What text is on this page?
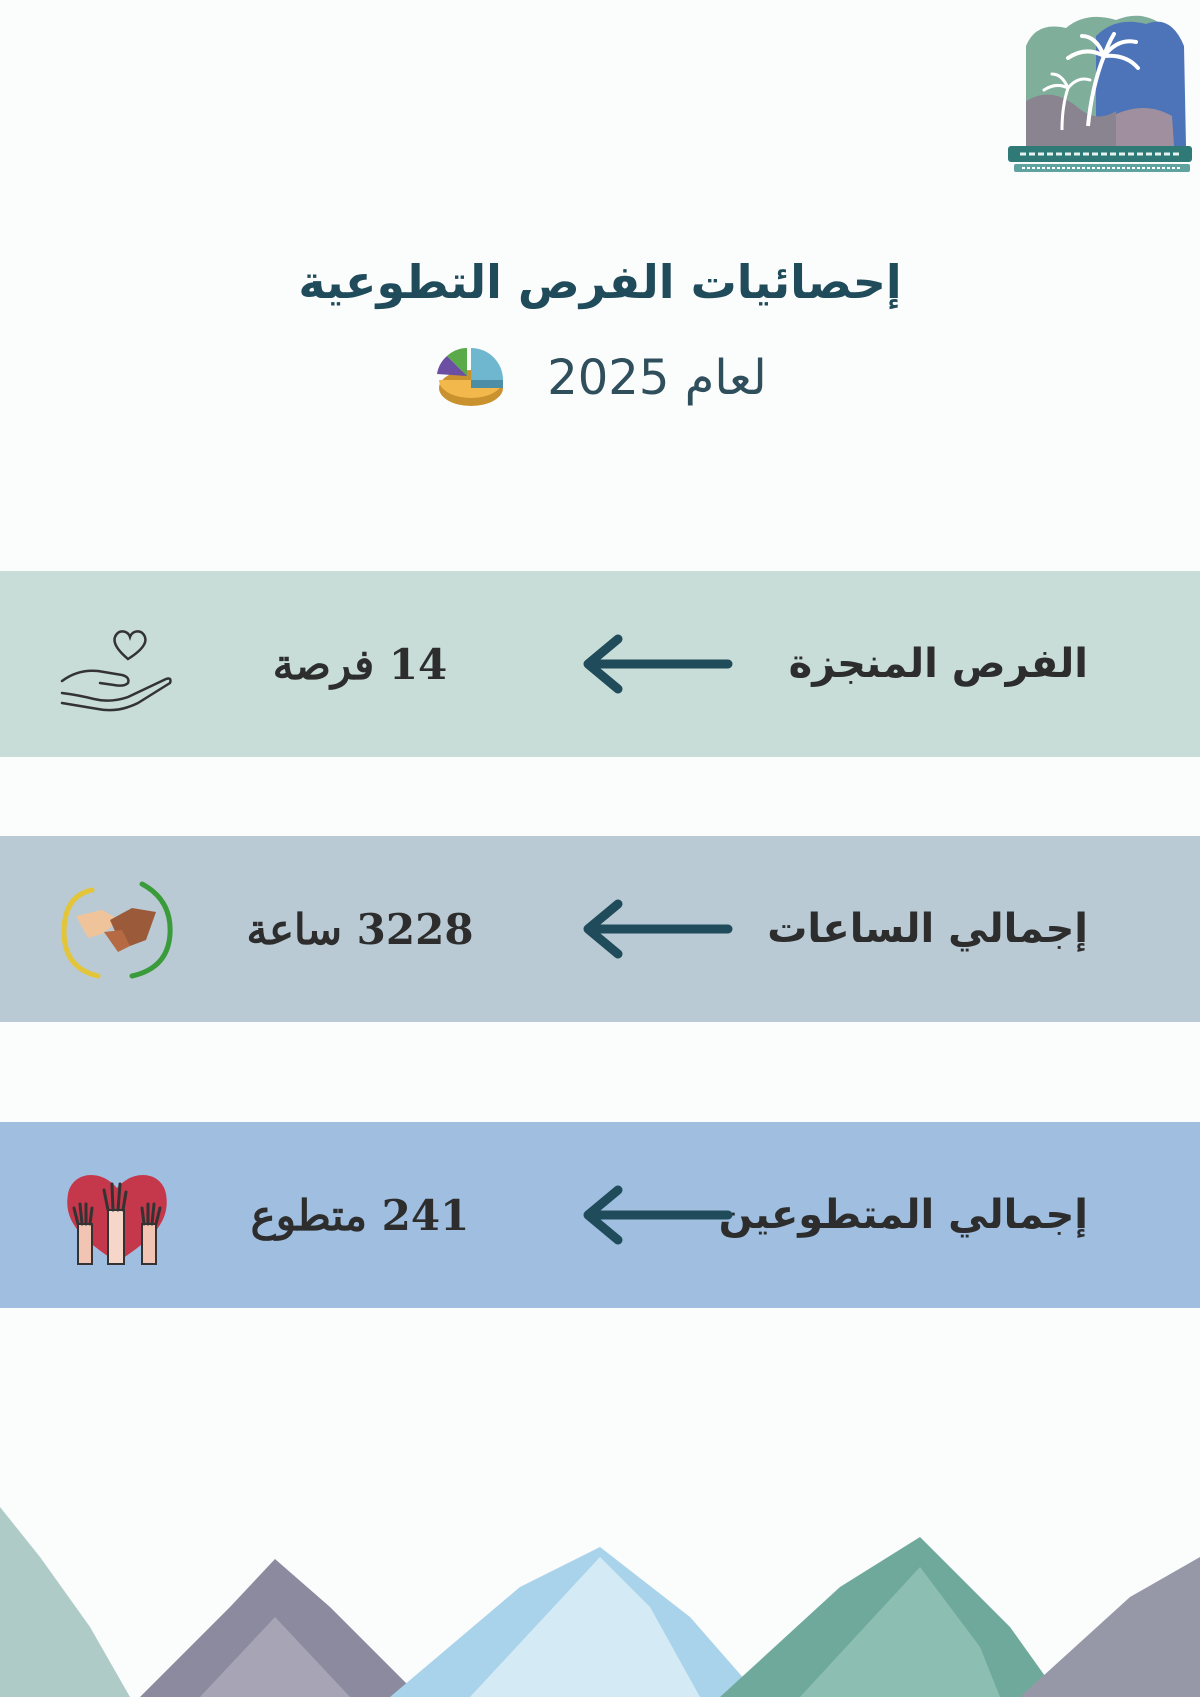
إحصائيات الفرص التطوعية
لعام 2025
الفرص المنجزة
14 فرصة
إجمالي الساعات
3228 ساعة
إجمالي المتطوعين
241 متطوع
